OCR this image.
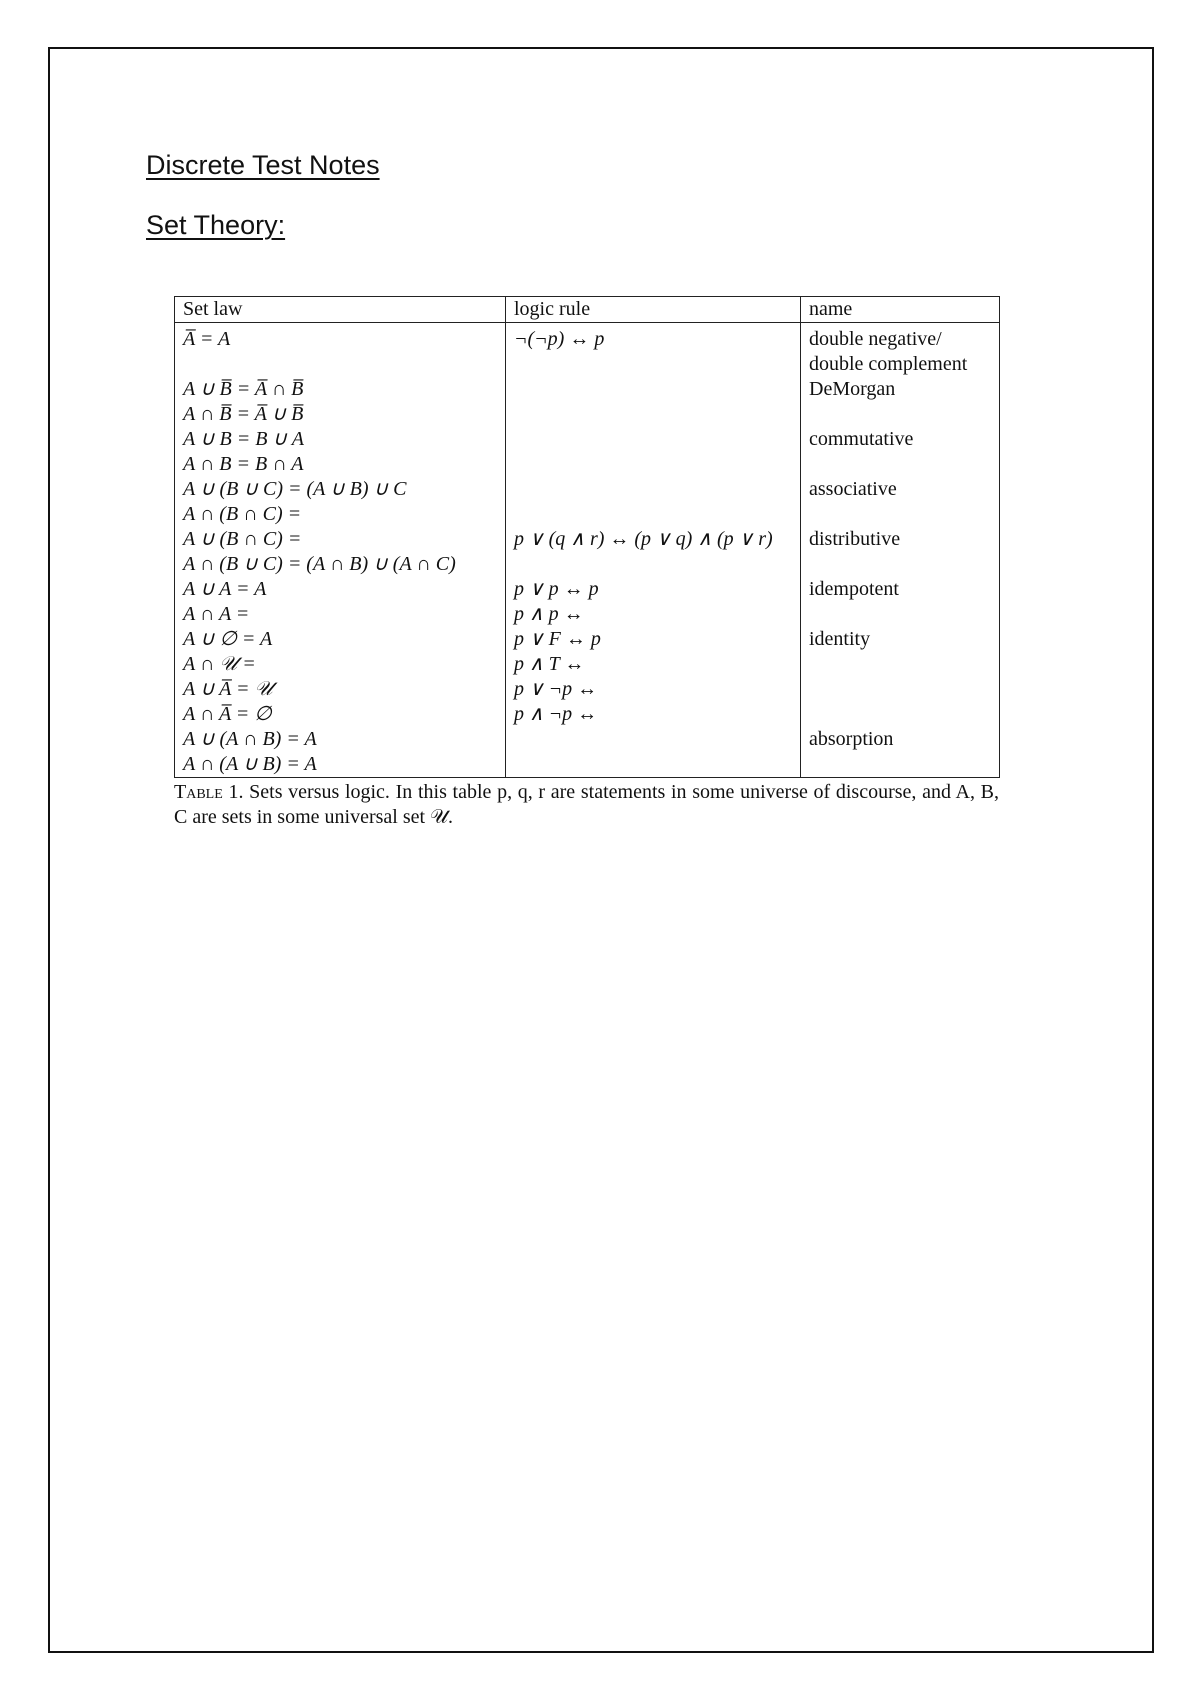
Discrete Test Notes
Set Theory:
Set law	logic rule	name
A̅ = A	¬(¬p) ↔ p	double negative/
double complement
A ∪ B̅ = A̅ ∩ B̅		DeMorgan
A ∩ B̅ = A̅ ∪ B̅		
A ∪ B = B ∪ A		commutative
A ∩ B = B ∩ A		
A ∪ (B ∪ C) = (A ∪ B) ∪ C		associative
A ∩ (B ∩ C) =		
A ∪ (B ∩ C) =	p ∨ (q ∧ r) ↔ (p ∨ q) ∧ (p ∨ r)	distributive
A ∩ (B ∪ C) = (A ∩ B) ∪ (A ∩ C)		
A ∪ A = A	p ∨ p ↔ p	idempotent
A ∩ A =	p ∧ p ↔	
A ∪ ∅ = A	p ∨ F ↔ p	identity
A ∩ 𝒰 =	p ∧ T ↔	
A ∪ A̅ = 𝒰	p ∨ ¬p ↔	
A ∩ A̅ = ∅	p ∧ ¬p ↔	
A ∪ (A ∩ B) = A		absorption
A ∩ (A ∪ B) = A		
Table 1. Sets versus logic. In this table p, q, r are statements in some universe of discourse, and A, B, C are sets in some universal set 𝒰.
